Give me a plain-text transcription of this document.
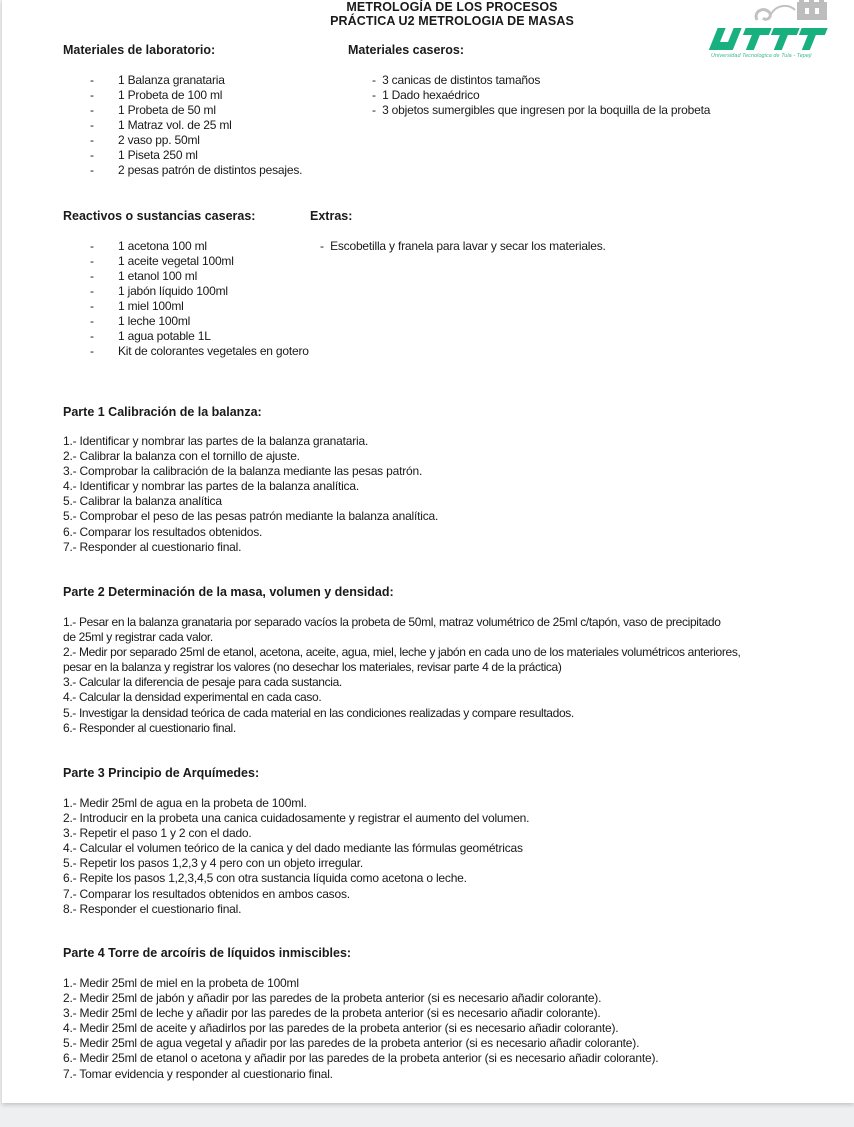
METROLOGÍA DE LOS PROCESOS
PRÁCTICA U2 METROLOGIA DE MASAS
Universidad Tecnologica de Tula - Tepeji
Materiales de laboratorio:	Materiales caseros:
- 1 Balanza granataria
- 1 Probeta de 100 ml
- 1 Probeta de 50 ml
- 1 Matraz vol. de 25 ml
- 2 vaso pp. 50ml
- 1 Piseta 250 ml
- 2 pesas patrón de distintos pesajes.
-  3 canicas de distintos tamaños
-  1 Dado hexaédrico
-  3 objetos sumergibles que ingresen por la boquilla de la probeta
Reactivos o sustancias caseras:	Extras:
- 1 acetona 100 ml
- 1 aceite vegetal 100ml
- 1 etanol 100 ml
- 1 jabón líquido 100ml
- 1 miel 100ml
- 1 leche 100ml
- 1 agua potable 1L
- Kit de colorantes vegetales en gotero
-  Escobetilla y franela para lavar y secar los materiales.
Parte 1 Calibración de la balanza:
1.- Identificar y nombrar las partes de la balanza granataria.
2.- Calibrar la balanza con el tornillo de ajuste.
3.- Comprobar la calibración de la balanza mediante las pesas patrón.
4.- Identificar y nombrar las partes de la balanza analítica.
5.- Calibrar la balanza analítica
5.- Comprobar el peso de las pesas patrón mediante la balanza analítica.
6.- Comparar los resultados obtenidos.
7.- Responder al cuestionario final.
Parte 2 Determinación de la masa, volumen y densidad:
1.- Pesar en la balanza granataria por separado vacíos la probeta de 50ml, matraz volumétrico de 25ml c/tapón, vaso de precipitado
de 25ml y registrar cada valor.
2.- Medir por separado 25ml de etanol, acetona, aceite, agua, miel, leche y jabón en cada uno de los materiales volumétricos anteriores,
pesar en la balanza y registrar los valores (no desechar los materiales, revisar parte 4 de la práctica)
3.- Calcular la diferencia de pesaje para cada sustancia.
4.- Calcular la densidad experimental en cada caso.
5.- Investigar la densidad teórica de cada material en las condiciones realizadas y compare resultados.
6.- Responder al cuestionario final.
Parte 3 Principio de Arquímedes:
1.- Medir 25ml de agua en la probeta de 100ml.
2.- Introducir en la probeta una canica cuidadosamente y registrar el aumento del volumen.
3.- Repetir el paso 1 y 2 con el dado.
4.- Calcular el volumen teórico de la canica y del dado mediante las fórmulas geométricas
5.- Repetir los pasos 1,2,3 y 4 pero con un objeto irregular.
6.- Repite los pasos 1,2,3,4,5 con otra sustancia líquida como acetona o leche.
7.- Comparar los resultados obtenidos en ambos casos.
8.- Responder el cuestionario final.
Parte 4 Torre de arcoíris de líquidos inmiscibles:
1.- Medir 25ml de miel en la probeta de 100ml
2.- Medir 25ml de jabón y añadir por las paredes de la probeta anterior (si es necesario añadir colorante).
3.- Medir 25ml de leche y añadir por las paredes de la probeta anterior (si es necesario añadir colorante).
4.- Medir 25ml de aceite y añadirlos por las paredes de la probeta anterior (si es necesario añadir colorante).
5.- Medir 25ml de agua vegetal y añadir por las paredes de la probeta anterior (si es necesario añadir colorante).
6.- Medir 25ml de etanol o acetona y añadir por las paredes de la probeta anterior (si es necesario añadir colorante).
7.- Tomar evidencia y responder al cuestionario final.
